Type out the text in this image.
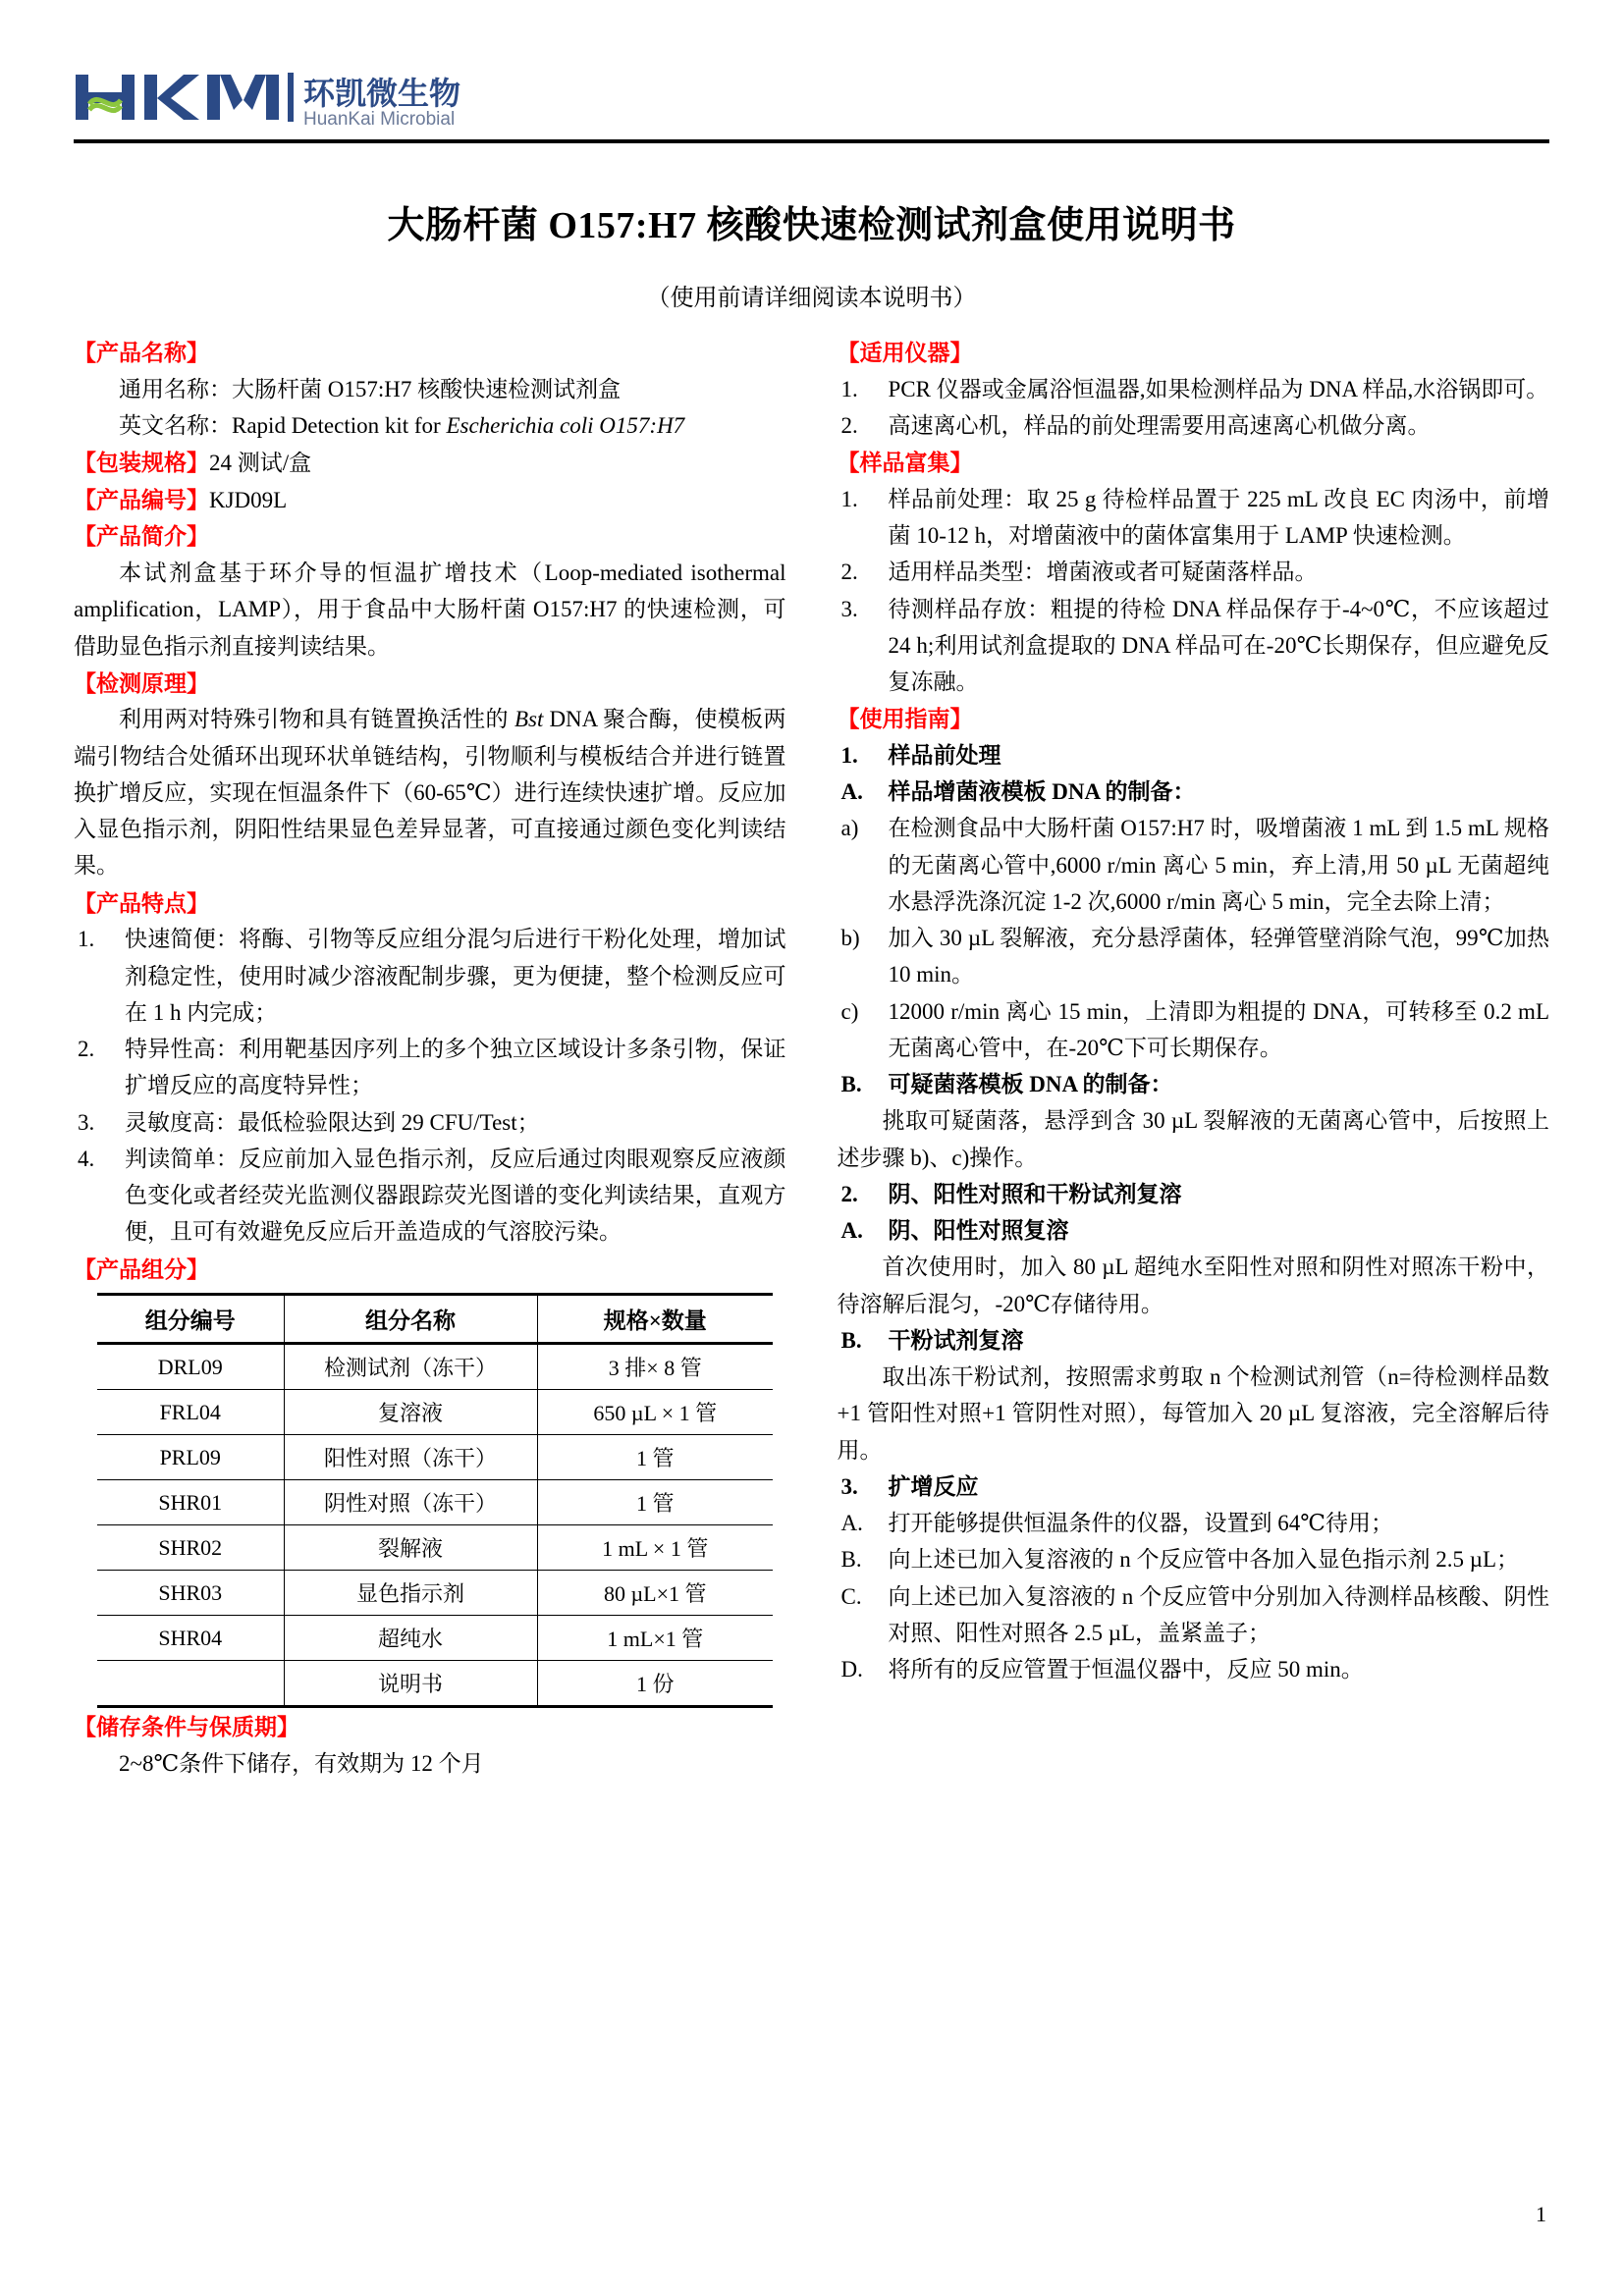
环凯微生物
HuanKai Microbial
大肠杆菌 O157:H7 核酸快速检测试剂盒使用说明书
（使用前请详细阅读本说明书）
【产品名称】

通用名称：大肠杆菌 O157:H7 核酸快速检测试剂盒

英文名称：Rapid Detection kit for Escherichia coli O157:H7

【包装规格】24 测试/盒
【产品编号】KJD09L
【产品简介】

本试剂盒基于环介导的恒温扩增技术（Loop-mediated isothermal amplification，LAMP），用于食品中大肠杆菌 O157:H7 的快速检测，可借助显色指示剂直接判读结果。

【检测原理】

利用两对特殊引物和具有链置换活性的 Bst DNA 聚合酶，使模板两端引物结合处循环出现环状单链结构，引物顺利与模板结合并进行链置换扩增反应，实现在恒温条件下（60-65℃）进行连续快速扩增。反应加入显色指示剂，阴阳性结果显色差异显著，可直接通过颜色变化判读结果。

【产品特点】
1.	快速简便：将酶、引物等反应组分混匀后进行干粉化处理，增加试剂稳定性，使用时减少溶液配制步骤，更为便捷，整个检测反应可在 1 h 内完成；
2.	特异性高：利用靶基因序列上的多个独立区域设计多条引物，保证扩增反应的高度特异性；
3.	灵敏度高：最低检验限达到 29 CFU/Test；
4.	判读简单：反应前加入显色指示剂，反应后通过肉眼观察反应液颜色变化或者经荧光监测仪器跟踪荧光图谱的变化判读结果，直观方便，且可有效避免反应后开盖造成的气溶胶污染。
【产品组分】
组分编号	组分名称	规格×数量
DRL09	检测试剂（冻干）	3 排× 8 管
FRL04	复溶液	650 µL × 1 管
PRL09	阳性对照（冻干）	1 管
SHR01	阴性对照（冻干）	1 管
SHR02	裂解液	1 mL × 1 管
SHR03	显色指示剂	80 µL×1 管
SHR04	超纯水	1 mL×1 管
	说明书	1 份
【储存条件与保质期】

2~8℃条件下储存，有效期为 12 个月

【适用仪器】
1.	PCR 仪器或金属浴恒温器,如果检测样品为 DNA 样品,水浴锅即可。
2.	高速离心机，样品的前处理需要用高速离心机做分离。
【样品富集】
1.	样品前处理：取 25 g 待检样品置于 225 mL 改良 EC 肉汤中，前增菌 10-12 h，对增菌液中的菌体富集用于 LAMP 快速检测。
2.	适用样品类型：增菌液或者可疑菌落样品。
3.	待测样品存放：粗提的待检 DNA 样品保存于-4~0℃，不应该超过 24 h;利用试剂盒提取的 DNA 样品可在-20℃长期保存，但应避免反复冻融。
【使用指南】
1.	样品前处理
A.	样品增菌液模板 DNA 的制备：
a)	在检测食品中大肠杆菌 O157:H7 时，吸增菌液 1 mL 到 1.5 mL 规格的无菌离心管中,6000 r/min 离心 5 min，弃上清,用 50 µL 无菌超纯水悬浮洗涤沉淀 1-2 次,6000 r/min 离心 5 min，完全去除上清；
b)	加入 30 µL 裂解液，充分悬浮菌体，轻弹管壁消除气泡，99℃加热 10 min。
c)	12000 r/min 离心 15 min，上清即为粗提的 DNA，可转移至 0.2 mL 无菌离心管中，在-20℃下可长期保存。
B.	可疑菌落模板 DNA 的制备：

挑取可疑菌落，悬浮到含 30 µL 裂解液的无菌离心管中，后按照上述步骤 b)、c)操作。

2.	阴、阳性对照和干粉试剂复溶
A.	阴、阳性对照复溶

首次使用时，加入 80 µL 超纯水至阳性对照和阴性对照冻干粉中，待溶解后混匀，-20℃存储待用。

B.	干粉试剂复溶

取出冻干粉试剂，按照需求剪取 n 个检测试剂管（n=待检测样品数+1 管阳性对照+1 管阴性对照），每管加入 20 µL 复溶液，完全溶解后待用。

3.	扩增反应
A.	打开能够提供恒温条件的仪器，设置到 64℃待用；
B.	向上述已加入复溶液的 n 个反应管中各加入显色指示剂 2.5 µL；
C.	向上述已加入复溶液的 n 个反应管中分别加入待测样品核酸、阴性对照、阳性对照各 2.5 µL，盖紧盖子；
D.	将所有的反应管置于恒温仪器中，反应 50 min。
1
